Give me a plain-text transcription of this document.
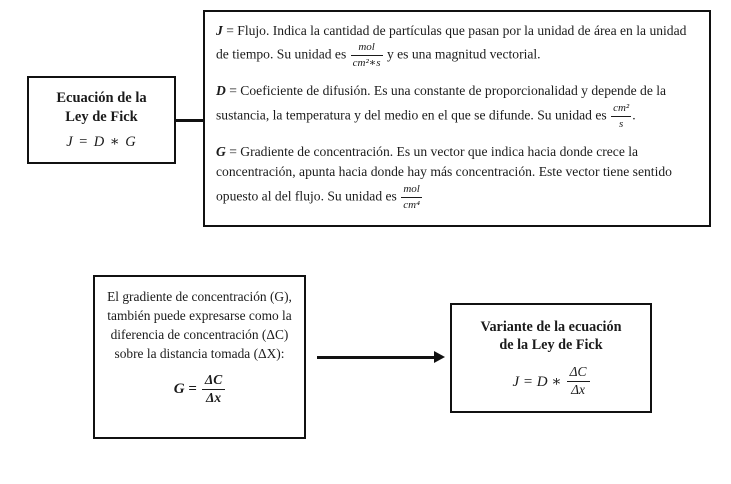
Ecuación de la
Ley de Fick
J = D ∗ G

J = Flujo. Indica la cantidad de partículas que pasan por la unidad de área en la unidad de tiempo. Su unidad es $\frac{\text{mol}}{\text{cm²∗s}}$ y es una magnitud vectorial.

D = Coeficiente de difusión. Es una constante de proporcionalidad y depende de la sustancia, la temperatura y del medio en el que se difunde. Su unidad es $\frac{\text{cm²}}{s}$ .

G = Gradiente de concentración. Es un vector que indica hacia donde crece la concentración, apunta hacia donde hay más concentración. Este vector tiene sentido opuesto al del flujo. Su unidad es $\frac{\text{mol}}{\text{cm⁴}}$

El gradiente de concentración (G), también puede expresarse como la diferencia de concentración (ΔC) sobre la distancia tomada (ΔX):
$G = \frac{\Delta C}{\Delta x}$
Variante de la ecuación
de la Ley de Fick
J = D ∗ $\frac{\Delta C}{\Delta x}$
